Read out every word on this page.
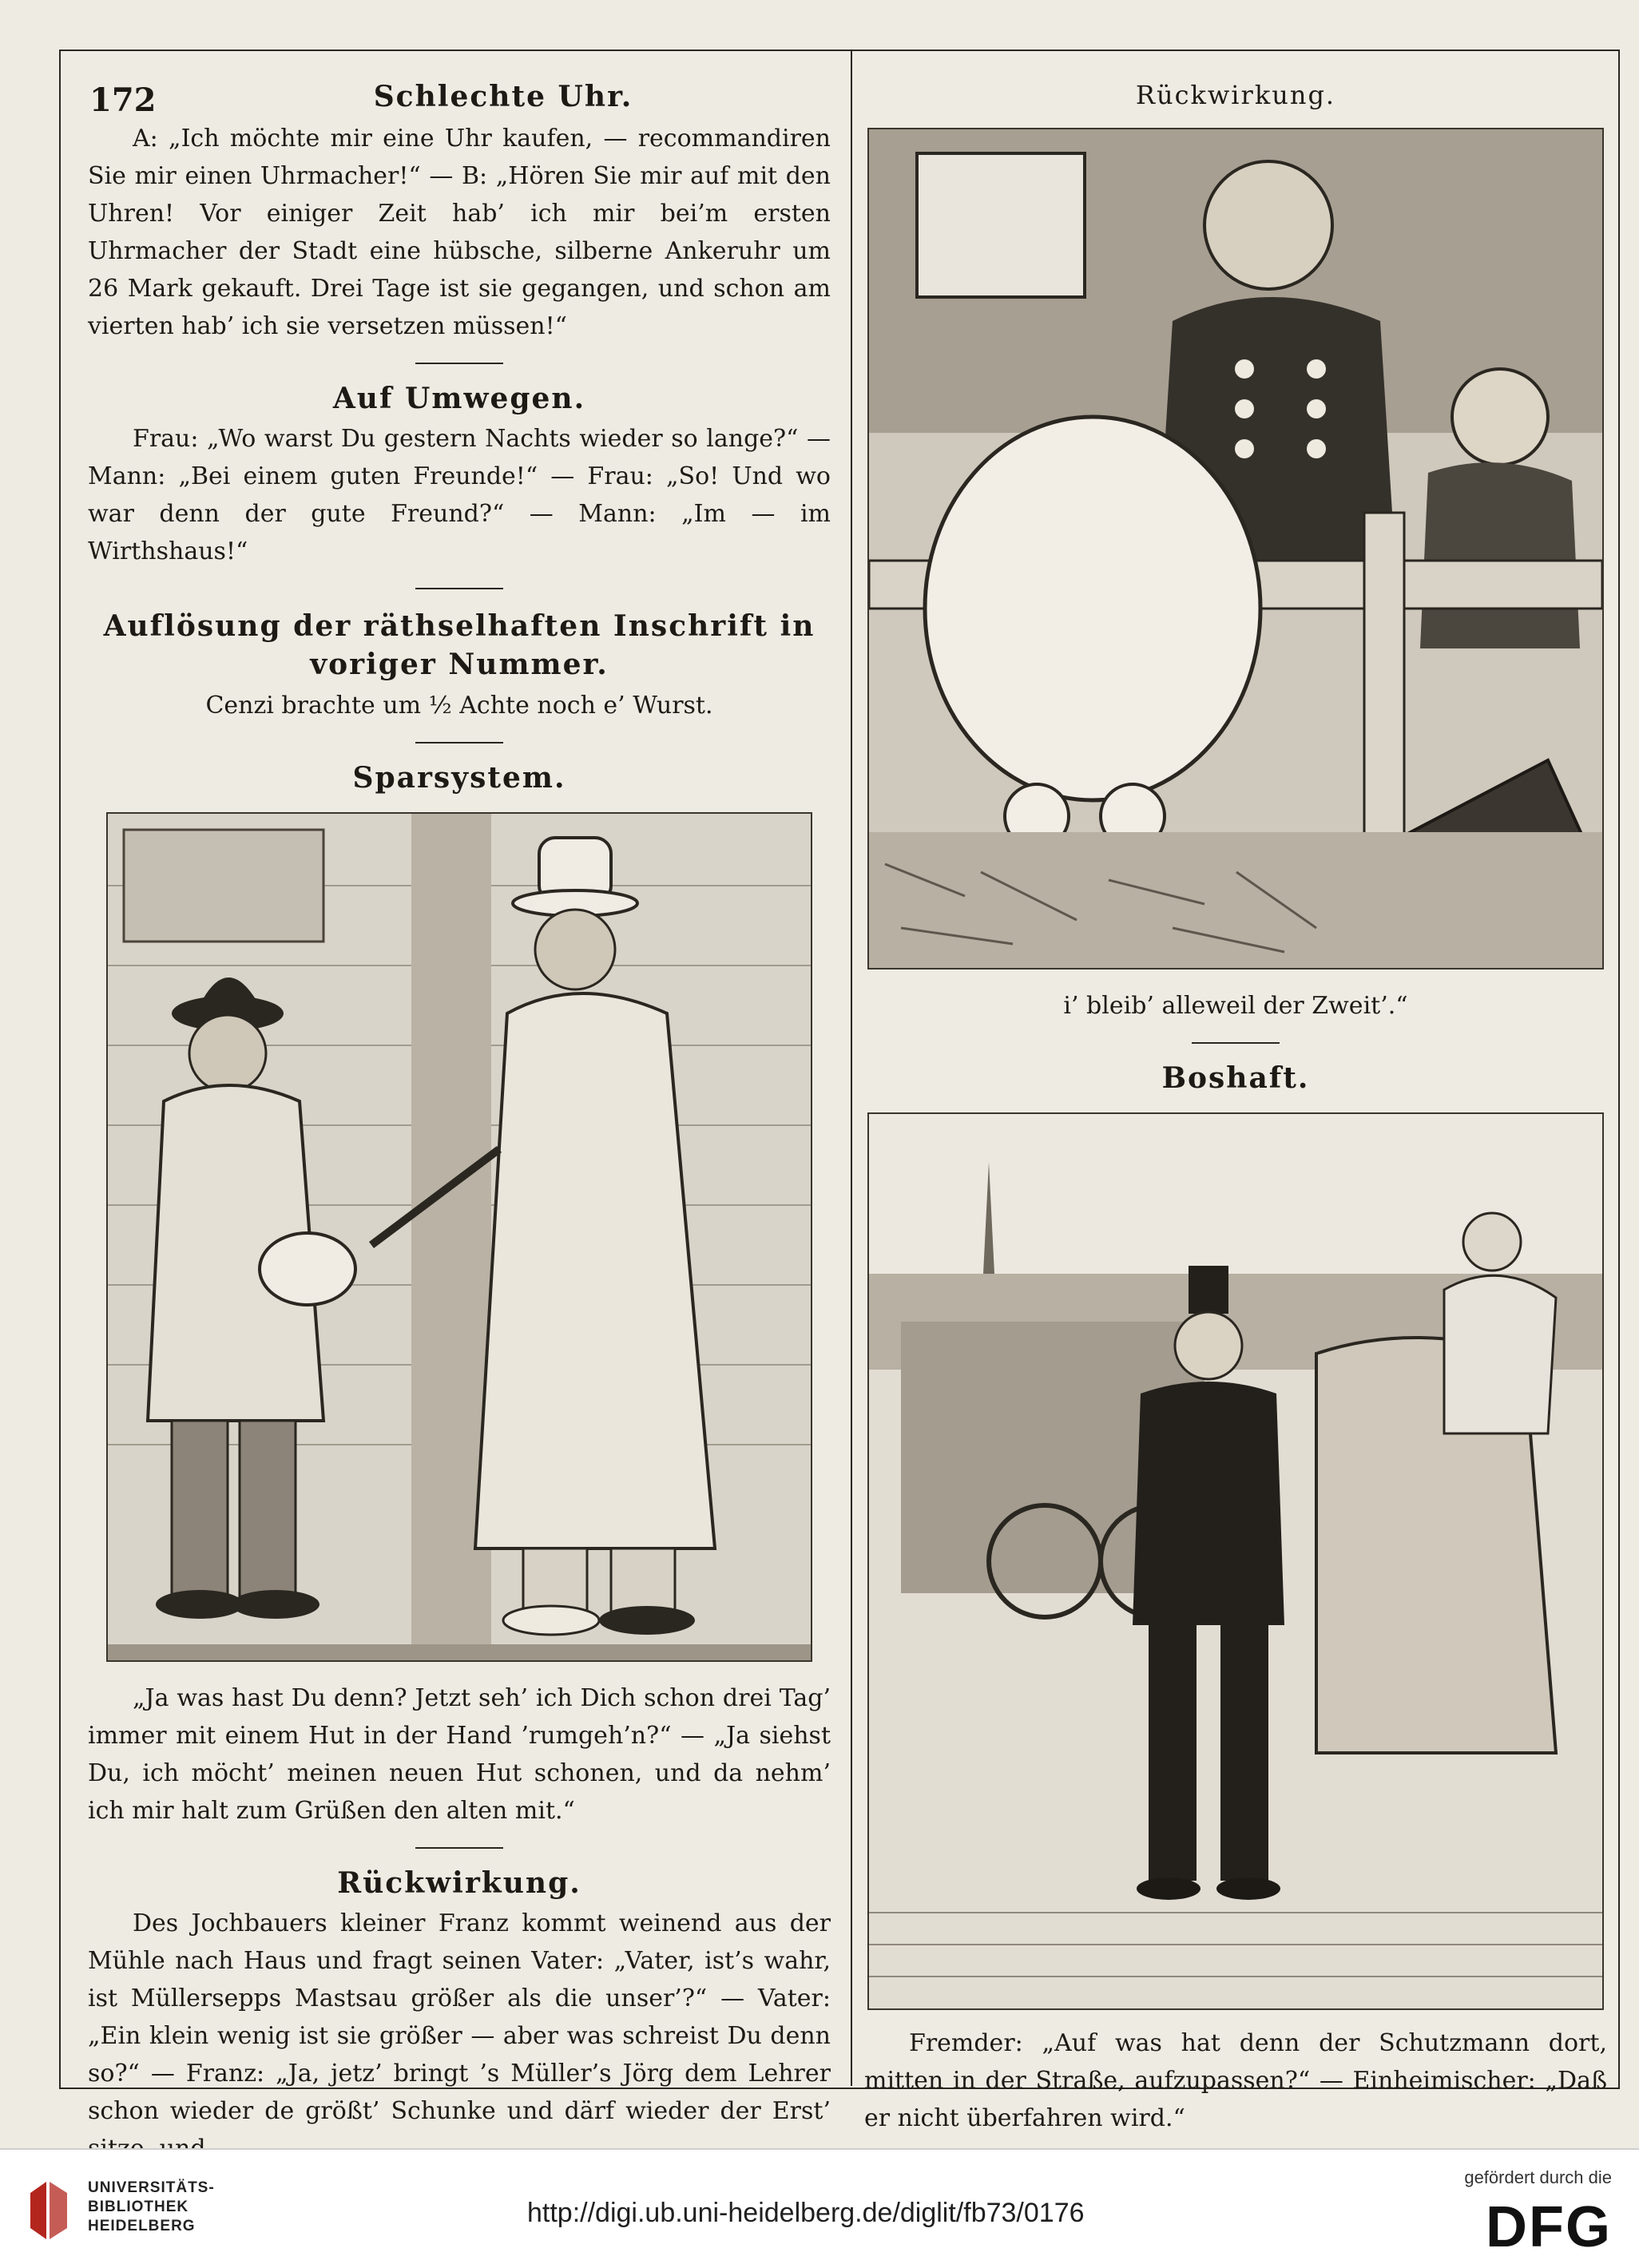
172	Schlechte Uhr.

A: „Ich möchte mir eine Uhr kaufen, — recommandiren Sie mir einen Uhrmacher!“ — B: „Hören Sie mir auf mit den Uhren! Vor einiger Zeit hab’ ich mir bei’m ersten Uhrmacher der Stadt eine hübsche, silberne Ankeruhr um 26 Mark gekauft. Drei Tage ist sie gegangen, und schon am vierten hab’ ich sie versetzen müssen!“

Auf Umwegen.

Frau: „Wo warst Du gestern Nachts wieder so lange?“ — Mann: „Bei einem guten Freunde!“ — Frau: „So! Und wo war denn der gute Freund?“ — Mann: „Im — im Wirthshaus!“

Auflösung der räthselhaften Inschrift in voriger Nummer.

Cenzi brachte um ½ Achte noch e’ Wurst.

Sparsystem.

„Ja was hast Du denn? Jetzt seh’ ich Dich schon drei Tag’ immer mit einem Hut in der Hand ’rumgeh’n?“ — „Ja siehst Du, ich möcht’ meinen neuen Hut schonen, und da nehm’ ich mir halt zum Grüßen den alten mit.“

Rückwirkung.

Des Jochbauers kleiner Franz kommt weinend aus der Mühle nach Haus und fragt seinen Vater: „Vater, ist’s wahr, ist Müllersepps Mastsau größer als die unser’?“ — Vater: „Ein klein wenig ist sie größer — aber was schreist Du denn so?“ — Franz: „Ja, jetz’ bringt ’s Müller’s Jörg dem Lehrer schon wieder de größt’ Schunke und därf wieder der Erst’

Rückwirkung.

i’ bleib’ alleweil der Zweit’.“

Boshaft.

Fremder: „Auf was hat denn der Schutzmann dort, mitten in der Straße, aufzupassen?“ — Einheimischer: „Daß er nicht überfahren wird.“

UNIVERSITÄTS-
BIBLIOTHEK
HEIDELBERG	http://digi.ub.uni-heidelberg.de/diglit/fb73/0176
gefördert durch die
DFG
